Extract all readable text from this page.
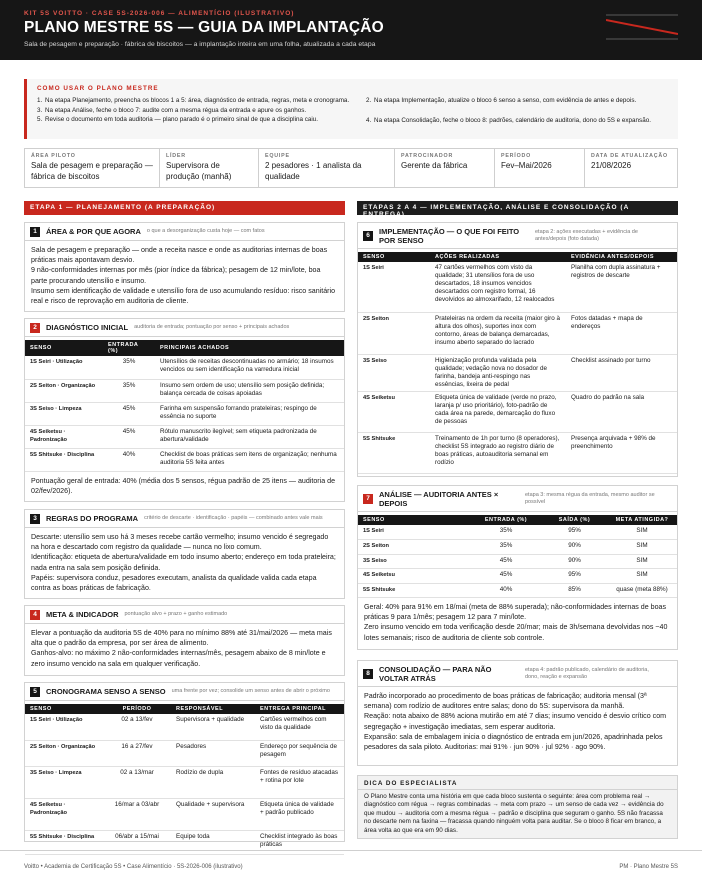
KIT 5S VOITTO · CASE 5S-2026-006 — ALIMENTÍCIO (ILUSTRATIVO)
PLANO MESTRE 5S — GUIA DA IMPLANTAÇÃO
Sala de pesagem e preparação · fábrica de biscoitos — a implantação inteira em uma folha, atualizada a cada etapa
COMO USAR O PLANO MESTRE
1. Na etapa Planejamento, preencha os blocos 1 a 5: área, diagnóstico de entrada, regras, meta e cronograma.
3. Na etapa Análise, feche o bloco 7: audite com a mesma régua da entrada e apure os ganhos.
5. Revise o documento em toda auditoria — plano parado é o primeiro sinal de que a disciplina caiu.
2. Na etapa Implementação, atualize o bloco 6 senso a senso, com evidência de antes e depois.
4. Na etapa Consolidação, feche o bloco 8: padrões, calendário de auditoria, dono do 5S e expansão.
ÁREA PILOTO
Sala de pesagem e preparação — fábrica de biscoitos
LÍDER
Supervisora de produção (manhã)
EQUIPE
2 pesadores · 1 analista da qualidade
PATROCINADOR
Gerente da fábrica
PERÍODO
Fev–Mai/2026
DATA DE ATUALIZAÇÃO
21/08/2026
ETAPA 1 — PLANEJAMENTO (A PREPARAÇÃO)	ETAPAS 2 A 4 — IMPLEMENTAÇÃO, ANÁLISE E CONSOLIDAÇÃO (A ENTREGA)
1	ÁREA & POR QUE AGORA o que a desorganização custa hoje — com fatos

Sala de pesagem e preparação — onde a receita nasce e onde as auditorias internas de boas práticas mais apontavam desvio.

9 não-conformidades internas por mês (pior índice da fábrica); pesagem de 12 min/lote, boa parte procurando utensílio e insumo.

Insumo sem identificação de validade e utensílio fora de uso acumulando resíduo: risco sanitário real e risco de reprovação em auditoria de cliente.

2	DIAGNÓSTICO INICIAL auditoria de entrada; pontuação por senso + principais achados
SENSO	ENTRADA (%)	PRINCIPAIS ACHADOS
1S Seiri · Utilização	35%	Utensílios de receitas descontinuadas no armário; 18 insumos vencidos ou sem identificação na varredura inicial
2S Seiton · Organização	35%	Insumo sem ordem de uso; utensílio sem posição definida; balança cercada de coisas apoiadas
3S Seiso · Limpeza	45%	Farinha em suspensão forrando prateleiras; respingo de essência no suporte
4S Seiketsu · Padronização	45%	Rótulo manuscrito ilegível; sem etiqueta padronizada de abertura/validade
5S Shitsuke · Disciplina	40%	Checklist de boas práticas sem itens de organização; nenhuma auditoria 5S feita antes
Pontuação geral de entrada: 40% (média dos 5 sensos, régua padrão de 25 itens — auditoria de 02/fev/2026).
3	REGRAS DO PROGRAMA critério de descarte · identificação · papéis — combinado antes vale mais

Descarte: utensílio sem uso há 3 meses recebe cartão vermelho; insumo vencido é segregado na hora e descartado com registro da qualidade — nunca no lixo comum.

Identificação: etiqueta de abertura/validade em todo insumo aberto; endereço em toda prateleira; nada entra na sala sem posição definida.

Papéis: supervisora conduz, pesadores executam, analista da qualidade valida cada etapa contra as boas práticas de fabricação.

4	META & INDICADOR pontuação alvo + prazo + ganho estimado

Elevar a pontuação da auditoria 5S de 40% para no mínimo 88% até 31/mai/2026 — meta mais alta que o padrão da empresa, por ser área de alimento.

Ganhos-alvo: no máximo 2 não-conformidades internas/mês, pesagem abaixo de 8 min/lote e zero insumo vencido na sala em qualquer verificação.

5	CRONOGRAMA SENSO A SENSO uma frente por vez; consolide um senso antes de abrir o próximo
SENSO	PERÍODO	RESPONSÁVEL	ENTREGA PRINCIPAL
1S Seiri · Utilização	02 a 13/fev	Supervisora + qualidade	Cartões vermelhos com visto da qualidade
2S Seiton · Organização	16 a 27/fev	Pesadores	Endereço por sequência de pesagem
3S Seiso · Limpeza	02 a 13/mar	Rodízio de dupla	Fontes de resíduo atacadas + rotina por lote
4S Seiketsu · Padronização	16/mar a 03/abr	Qualidade + supervisora	Etiqueta única de validade + padrão publicado
5S Shitsuke · Disciplina	06/abr a 15/mai	Equipe toda	Checklist integrado às boas práticas
6	IMPLEMENTAÇÃO — O QUE FOI FEITO POR SENSO
etapa 2: ações executadas + evidência de antes/depois (foto datada)
SENSO	AÇÕES REALIZADAS	EVIDÊNCIA ANTES/DEPOIS
1S Seiri	47 cartões vermelhos com visto da qualidade; 31 utensílios fora de uso descartados, 18 insumos vencidos descartados com registro formal, 16 devolvidos ao almoxarifado, 12 realocados	Planilha com dupla assinatura + registros de descarte
2S Seiton	Prateleiras na ordem da receita (maior giro à altura dos olhos), suportes inox com contorno, áreas de balança demarcadas, insumo aberto separado do lacrado	Fotos datadas + mapa de endereços
3S Seiso	Higienização profunda validada pela qualidade; vedação nova no dosador de farinha, bandeja anti-respingo nas essências, lixeira de pedal	Checklist assinado por turno
4S Seiketsu	Etiqueta única de validade (verde no prazo, laranja p/ uso prioritário), foto-padrão de cada área na parede, demarcação do fluxo de pessoas	Quadro do padrão na sala
5S Shitsuke	Treinamento de 1h por turno (8 operadores), checklist 5S integrado ao registro diário de boas práticas, autoauditoria semanal em rodízio	Presença arquivada + 98% de preenchimento
7	ANÁLISE — AUDITORIA ANTES × DEPOIS
etapa 3: mesma régua da entrada, mesmo auditor se possível
SENSO	ENTRADA (%)	SAÍDA (%)	META ATINGIDA?
1S Seiri	35%	95%	SIM
2S Seiton	35%	90%	SIM
3S Seiso	45%	90%	SIM
4S Seiketsu	45%	95%	SIM
5S Shitsuke	40%	85%	quase (meta 88%)

Geral: 40% para 91% em 18/mai (meta de 88% superada); não-conformidades internas de boas práticas 9 para 1/mês; pesagem 12 para 7 min/lote.

Zero insumo vencido em toda verificação desde 20/mar; mais de 3h/semana devolvidas nos ~40 lotes semanais; risco de auditoria de cliente sob controle.

8	CONSOLIDAÇÃO — PARA NÃO VOLTAR ATRÁS
etapa 4: padrão publicado, calendário de auditoria, dono, reação e expansão

Padrão incorporado ao procedimento de boas práticas de fabricação; auditoria mensal (3ª semana) com rodízio de auditores entre salas; dono do 5S: supervisora da manhã.

Reação: nota abaixo de 88% aciona mutirão em até 7 dias; insumo vencido é desvio crítico com segregação + investigação imediatas, sem esperar auditoria.

Expansão: sala de embalagem inicia o diagnóstico de entrada em jun/2026, apadrinhada pelos pesadores da sala piloto. Auditorias: mai 91% · jun 90% · jul 92% · ago 90%.

DICA DO ESPECIALISTA
O Plano Mestre conta uma história em que cada bloco sustenta o seguinte: área com problema real → diagnóstico com régua → regras combinadas → meta com prazo → um senso de cada vez → evidência do que mudou → auditoria com a mesma régua → padrão e disciplina que seguram o ganho. 5S não fracassa no descarte nem na faxina — fracassa quando ninguém volta para auditar. Se o bloco 8 ficar em branco, a área volta ao que era em 90 dias.
Voitto • Academia de Certificação 5S • Case Alimentício · 5S-2026-006 (ilustrativo)	PM · Plano Mestre 5S
